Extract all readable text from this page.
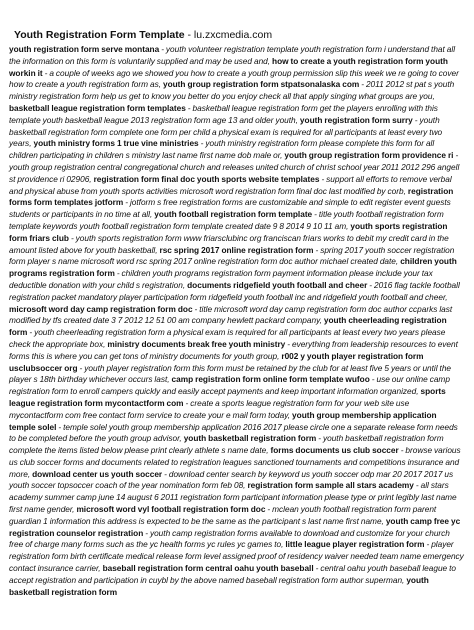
Youth Registration Form Template - lu.zxcmedia.com
youth registration form serve montana - youth volunteer registration template youth registration form i understand that all the information on this form is voluntarily supplied and may be used and, how to create a youth registration form youth workin it - a couple of weeks ago we showed you how to create a youth group permission slip this week we re going to cover how to create a youth registration form as, youth group registration form stpatsonalaska com - 2011 2012 st pat s youth ministry registration form help us get to know you better do you enjoy check all that apply singing what groups are you, basketball league registration form templates - basketball league registration form get the players enrolling with this template youth basketball league 2013 registration form age 13 and older youth, youth registration form surry - youth basketball registration form complete one form per child a physical exam is required for all participants at least every two years, youth ministry forms 1 true vine ministries - youth ministry registration form please complete this form for all children participating in children s ministry last name first name dob male or, youth group registration form providence ri - youth group registration central congregational church and releases united church of christ school year 2011 2012 296 angell st providence ri 02906, registration form final doc youth sports website templates - support all efforts to remove verbal and physical abuse from youth sports activities microsoft word registration form final doc last modified by corb, registration forms form templates jotform - jotform s free registration forms are customizable and simple to edit register event guests students or participants in no time at all, youth football registration form template - title youth football registration form template keywords youth football registration form template created date 9 8 2014 9 10 11 am, youth sports registration form friars club - youth sports registration form www friarsclubinc org franciscan friars works to debit my credit card in the amount listed above for youth basketball, rsc spring 2017 online registration form - spring 2017 youth soccer registration form player s name microsoft word rsc spring 2017 online registration form doc author michael created date, children youth programs registration form - children youth programs registration form payment information please include your tax deductible donation with your child s registration, documents ridgefield youth football and cheer - 2016 flag tackle football registration packet mandatory player participation form ridgefield youth football inc and ridgefield youth football and cheer, microsoft word day camp registration form doc - title microsoft word day camp registration form doc author ccparks last modified by tfs created date 3 7 2012 12 51 00 am company hewlett packard company, youth cheerleading registration form - youth cheerleading registration form a physical exam is required for all participants at least every two years please check the appropriate box, ministry documents break free youth ministry - everything from leadership resources to event forms this is where you can get tons of ministry documents for youth group, r002 y youth player registration form usclubsoccer org - youth player registration form this form must be retained by the club for at least five 5 years or until the player s 18th birthday whichever occurs last, camp registration form online form template wufoo - use our online camp registration form to enroll campers quickly and easily accept payments and keep important information organized, sports league registration form mycontactform com - create a sports league registration form for your web site use mycontactform com free contact form service to create your e mail form today, youth group membership application temple solel - temple solel youth group membership application 2016 2017 please circle one a separate release form needs to be completed before the youth group advisor, youth basketball registration form - youth basketball registration form complete the items listed below please print clearly athlete s name date, forms documents us club soccer - browse various us club soccer forms and documents related to registration leagues sanctioned tournaments and competitions insurance and more, download center us youth soccer - download center search by keyword us youth soccer odp mar 20 2017 2017 us youth soccer topsoccer coach of the year nomination form feb 08, registration form sample all stars academy - all stars academy summer camp june 14 august 6 2011 registration form participant information please type or print legibly last name first name gender, microsoft word vyl football registration form doc - mclean youth football registration form parent guardian 1 information this address is expected to be the same as the participant s last name first name, youth camp free yc registration counselor registration - youth camp registration forms available to download and customize for your church free of charge many forms such as the yc health forms yc rules yc games to, little league player registration form - player registration form birth certificate medical release form level assigned proof of residency waiver needed team name emergency contact insurance carrier, baseball registration form central oahu youth baseball - central oahu youth baseball league to accept registration and participation in cuybl by the above named baseball registration form author superman, youth basketball registration form
